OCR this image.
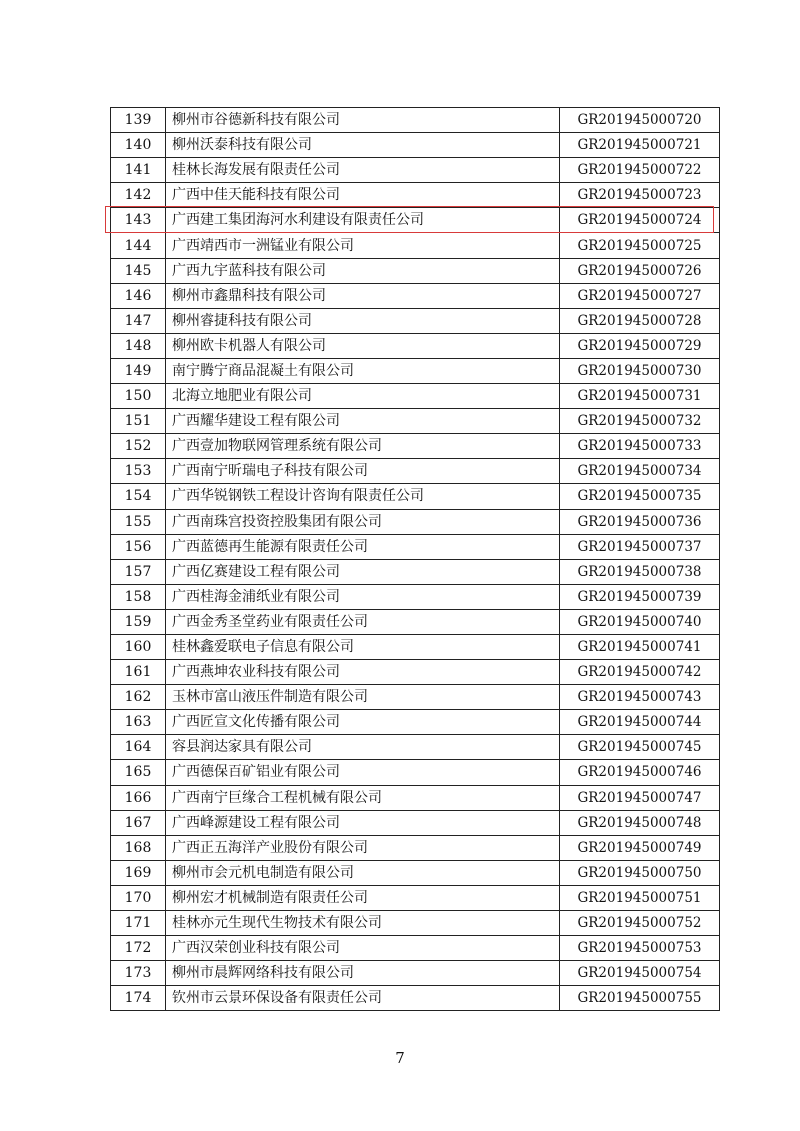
139	柳州市谷德新科技有限公司	GR201945000720
140	柳州沃泰科技有限公司	GR201945000721
141	桂林长海发展有限责任公司	GR201945000722
142	广西中佳天能科技有限公司	GR201945000723
143	广西建工集团海河水利建设有限责任公司	GR201945000724
144	广西靖西市一洲锰业有限公司	GR201945000725
145	广西九宇蓝科技有限公司	GR201945000726
146	柳州市鑫鼎科技有限公司	GR201945000727
147	柳州睿捷科技有限公司	GR201945000728
148	柳州欧卡机器人有限公司	GR201945000729
149	南宁腾宁商品混凝土有限公司	GR201945000730
150	北海立地肥业有限公司	GR201945000731
151	广西耀华建设工程有限公司	GR201945000732
152	广西壹加物联网管理系统有限公司	GR201945000733
153	广西南宁昕瑞电子科技有限公司	GR201945000734
154	广西华锐钢铁工程设计咨询有限责任公司	GR201945000735
155	广西南珠宫投资控股集团有限公司	GR201945000736
156	广西蓝德再生能源有限责任公司	GR201945000737
157	广西亿赛建设工程有限公司	GR201945000738
158	广西桂海金浦纸业有限公司	GR201945000739
159	广西金秀圣堂药业有限责任公司	GR201945000740
160	桂林鑫爱联电子信息有限公司	GR201945000741
161	广西燕坤农业科技有限公司	GR201945000742
162	玉林市富山液压件制造有限公司	GR201945000743
163	广西匠宣文化传播有限公司	GR201945000744
164	容县润达家具有限公司	GR201945000745
165	广西德保百矿铝业有限公司	GR201945000746
166	广西南宁巨缘合工程机械有限公司	GR201945000747
167	广西峰源建设工程有限公司	GR201945000748
168	广西正五海洋产业股份有限公司	GR201945000749
169	柳州市会元机电制造有限公司	GR201945000750
170	柳州宏才机械制造有限责任公司	GR201945000751
171	桂林亦元生现代生物技术有限公司	GR201945000752
172	广西汉荣创业科技有限公司	GR201945000753
173	柳州市晨辉网络科技有限公司	GR201945000754
174	钦州市云景环保设备有限责任公司	GR201945000755
7
